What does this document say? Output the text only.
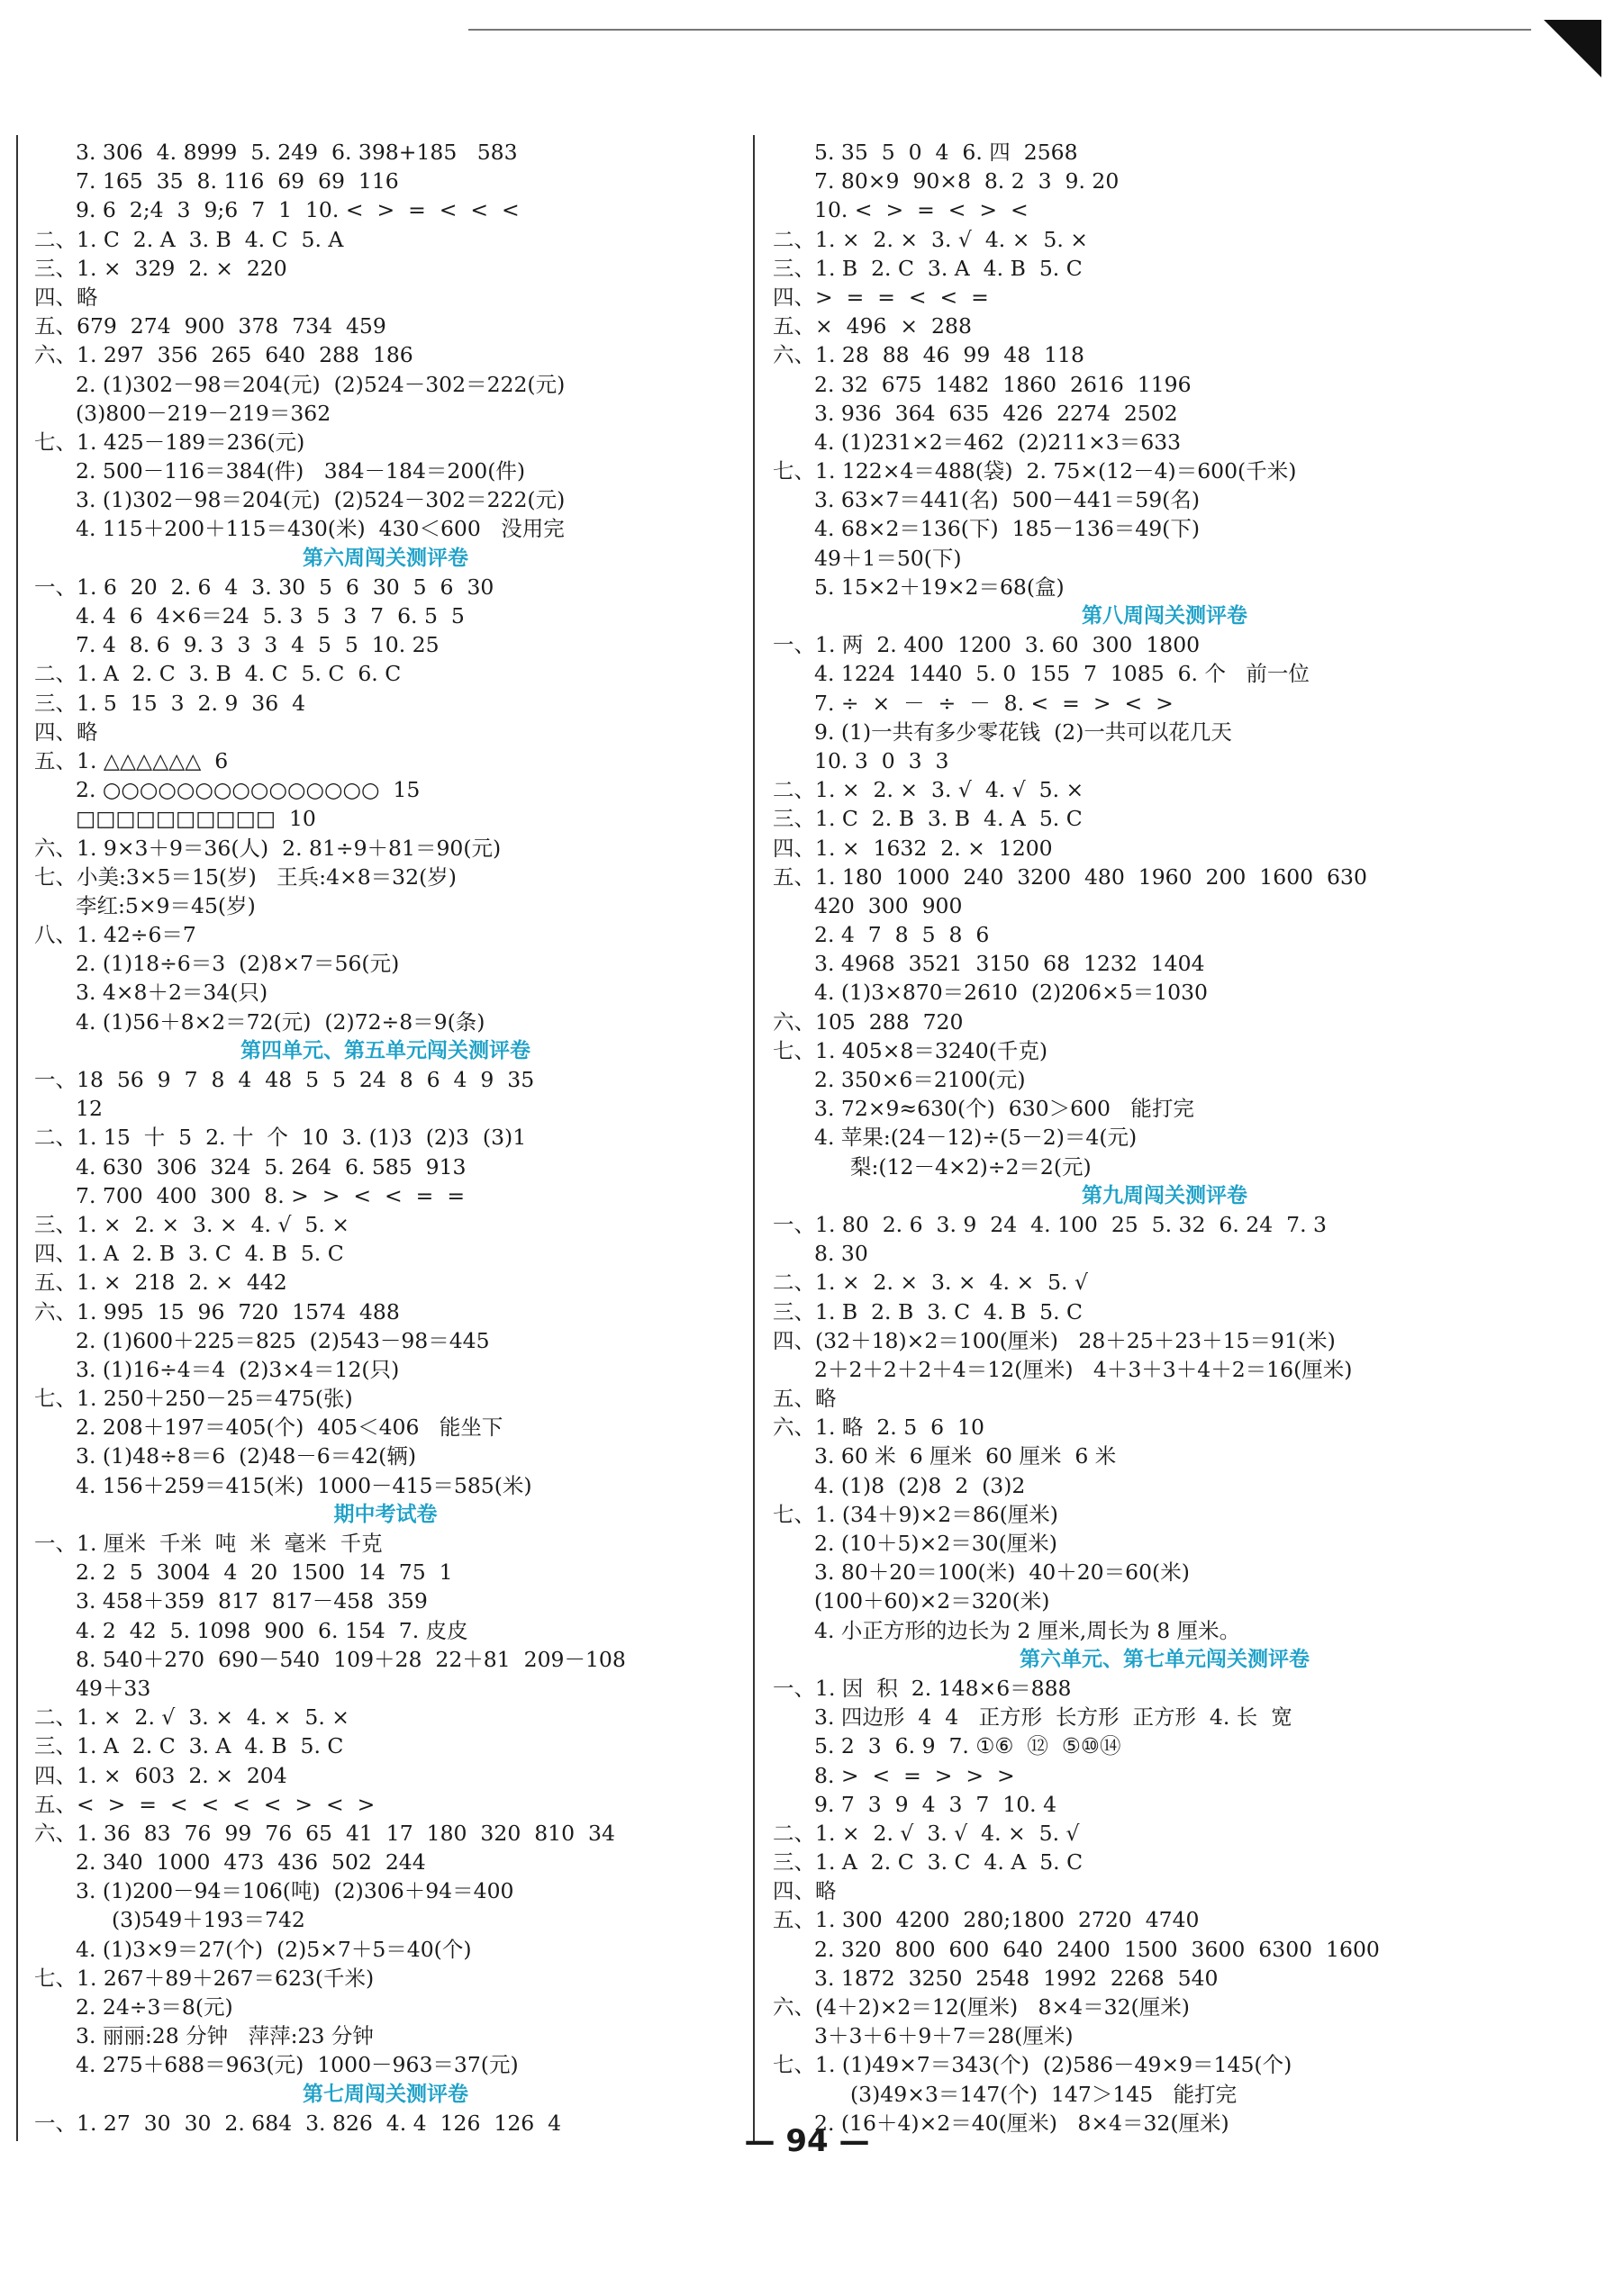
3. 306  4. 8999  5. 249  6. 398+185   583
7. 165  35  8. 116  69  69  116
9. 6  2;4  3  9;6  7  1  10. <  >  =  <  <  <
二、1. C  2. A  3. B  4. C  5. A
三、1. ×  329  2. ×  220
四、略
五、679  274  900  378  734  459
六、1. 297  356  265  640  288  186
2. (1)302－98＝204(元)  (2)524－302＝222(元)
(3)800－219－219＝362
七、1. 425－189＝236(元)
2. 500－116＝384(件)   384－184＝200(件)
3. (1)302－98＝204(元)  (2)524－302＝222(元)
4. 115＋200＋115＝430(米)  430＜600   没用完
第六周闯关测评卷
一、1. 6  20  2. 6  4  3. 30  5  6  30  5  6  30
4. 4  6  4×6＝24  5. 3  5  3  7  6. 5  5
7. 4  8. 6  9. 3  3  3  4  5  5  10. 25
二、1. A  2. C  3. B  4. C  5. C  6. C
三、1. 5  15  3  2. 9  36  4
四、略
五、1. △△△△△△  6
2. ○○○○○○○○○○○○○○○  15
□□□□□□□□□□  10
六、1. 9×3＋9＝36(人)  2. 81÷9＋81＝90(元)
七、小美:3×5＝15(岁)   王兵:4×8＝32(岁)
李红:5×9＝45(岁)
八、1. 42÷6＝7
2. (1)18÷6＝3  (2)8×7＝56(元)
3. 4×8＋2＝34(只)
4. (1)56＋8×2＝72(元)  (2)72÷8＝9(条)
第四单元、第五单元闯关测评卷
一、18  56  9  7  8  4  48  5  5  24  8  6  4  9  35
12
二、1. 15  十  5  2. 十  个  10  3. (1)3  (2)3  (3)1
4. 630  306  324  5. 264  6. 585  913
7. 700  400  300  8. >  >  <  <  =  =
三、1. ×  2. ×  3. ×  4. √  5. ×
四、1. A  2. B  3. C  4. B  5. C
五、1. ×  218  2. ×  442
六、1. 995  15  96  720  1574  488
2. (1)600＋225＝825  (2)543－98＝445
3. (1)16÷4＝4  (2)3×4＝12(只)
七、1. 250＋250－25＝475(张)
2. 208＋197＝405(个)  405＜406   能坐下
3. (1)48÷8＝6  (2)48－6＝42(辆)
4. 156＋259＝415(米)  1000－415＝585(米)
期中考试卷
一、1. 厘米  千米  吨  米  毫米  千克
2. 2  5  3004  4  20  1500  14  75  1
3. 458＋359  817  817－458  359
4. 2  42  5. 1098  900  6. 154  7. 皮皮
8. 540＋270  690－540  109＋28  22＋81  209－108
49＋33
二、1. ×  2. √  3. ×  4. ×  5. ×
三、1. A  2. C  3. A  4. B  5. C
四、1. ×  603  2. ×  204
五、<  >  =  <  <  <  <  >  <  >
六、1. 36  83  76  99  76  65  41  17  180  320  810  34
2. 340  1000  473  436  502  244
3. (1)200－94＝106(吨)  (2)306＋94＝400
(3)549＋193＝742
4. (1)3×9＝27(个)  (2)5×7＋5＝40(个)
七、1. 267＋89＋267＝623(千米)
2. 24÷3＝8(元)
3. 丽丽:28 分钟   萍萍:23 分钟
4. 275＋688＝963(元)  1000－963＝37(元)
第七周闯关测评卷
一、1. 27  30  30  2. 684  3. 826  4. 4  126  126  4
5. 35  5  0  4  6. 四  2568
7. 80×9  90×8  8. 2  3  9. 20
10. <  >  =  <  >  <
二、1. ×  2. ×  3. √  4. ×  5. ×
三、1. B  2. C  3. A  4. B  5. C
四、>  =  =  <  <  =
五、×  496  ×  288
六、1. 28  88  46  99  48  118
2. 32  675  1482  1860  2616  1196
3. 936  364  635  426  2274  2502
4. (1)231×2＝462  (2)211×3＝633
七、1. 122×4＝488(袋)  2. 75×(12－4)＝600(千米)
3. 63×7＝441(名)  500－441＝59(名)
4. 68×2＝136(下)  185－136＝49(下)
49＋1＝50(下)
5. 15×2＋19×2＝68(盒)
第八周闯关测评卷
一、1. 两  2. 400  1200  3. 60  300  1800
4. 1224  1440  5. 0  155  7  1085  6. 个   前一位
7. ÷  ×  －  ÷  －  8. <  =  >  <  >
9. (1)一共有多少零花钱  (2)一共可以花几天
10. 3  0  3  3
二、1. ×  2. ×  3. √  4. √  5. ×
三、1. C  2. B  3. B  4. A  5. C
四、1. ×  1632  2. ×  1200
五、1. 180  1000  240  3200  480  1960  200  1600  630
420  300  900
2. 4  7  8  5  8  6
3. 4968  3521  3150  68  1232  1404
4. (1)3×870＝2610  (2)206×5＝1030
六、105  288  720
七、1. 405×8＝3240(千克)
2. 350×6＝2100(元)
3. 72×9≈630(个)  630＞600   能打完
4. 苹果:(24－12)÷(5－2)＝4(元)
梨:(12－4×2)÷2＝2(元)
第九周闯关测评卷
一、1. 80  2. 6  3. 9  24  4. 100  25  5. 32  6. 24  7. 3
8. 30
二、1. ×  2. ×  3. ×  4. ×  5. √
三、1. B  2. B  3. C  4. B  5. C
四、(32＋18)×2＝100(厘米)   28＋25＋23＋15＝91(米)
2＋2＋2＋2＋4＝12(厘米)   4＋3＋3＋4＋2＝16(厘米)
五、略
六、1. 略  2. 5  6  10
3. 60 米  6 厘米  60 厘米  6 米
4. (1)8  (2)8  2  (3)2
七、1. (34＋9)×2＝86(厘米)
2. (10＋5)×2＝30(厘米)
3. 80＋20＝100(米)  40＋20＝60(米)
(100＋60)×2＝320(米)
4. 小正方形的边长为 2 厘米,周长为 8 厘米。
第六单元、第七单元闯关测评卷
一、1. 因  积  2. 148×6＝888
3. 四边形  4  4   正方形  长方形  正方形  4. 长  宽
5. 2  3  6. 9  7. ①⑥  ⑫  ⑤⑩⑭
8. >  <  =  >  >  >
9. 7  3  9  4  3  7  10. 4
二、1. ×  2. √  3. √  4. ×  5. √
三、1. A  2. C  3. C  4. A  5. C
四、略
五、1. 300  4200  280;1800  2720  4740
2. 320  800  600  640  2400  1500  3600  6300  1600
3. 1872  3250  2548  1992  2268  540
六、(4＋2)×2＝12(厘米)   8×4＝32(厘米)
3＋3＋6＋9＋7＝28(厘米)
七、1. (1)49×7＝343(个)  (2)586－49×9＝145(个)
(3)49×3＝147(个)  147＞145   能打完
2. (16＋4)×2＝40(厘米)   8×4＝32(厘米)
— 94 —
